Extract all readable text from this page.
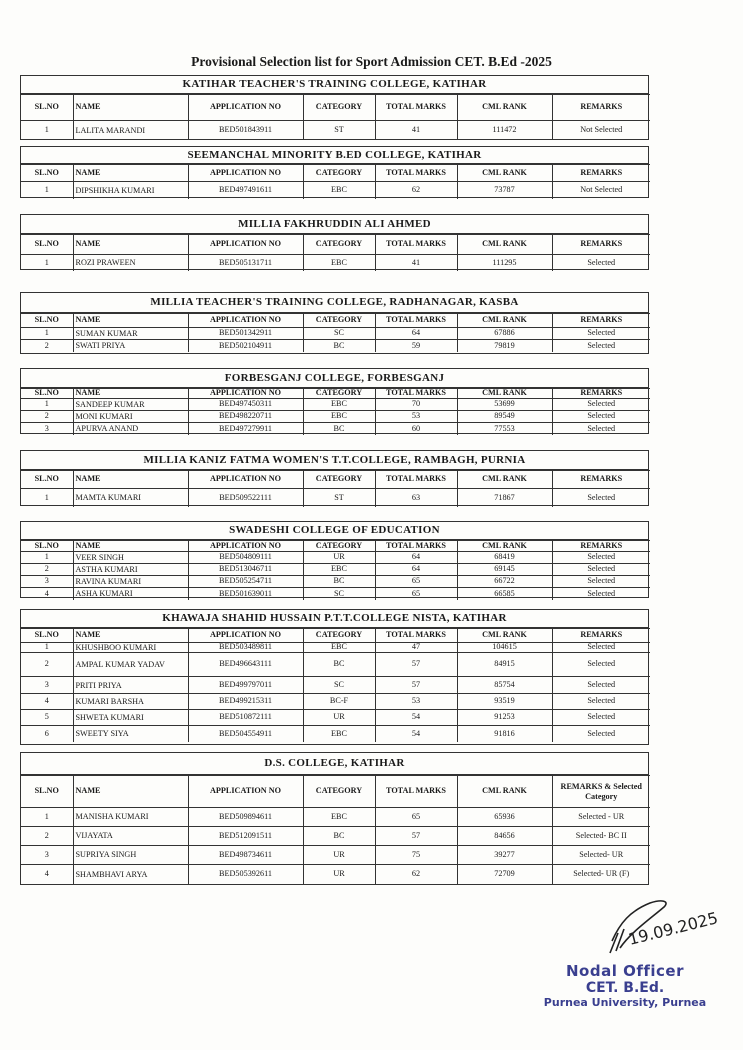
Provisional Selection list for Sport Admission CET. B.Ed -2025
KATIHAR TEACHER'S TRAINING COLLEGE, KATIHAR
SL.NO	NAME	APPLICATION NO	CATEGORY	TOTAL MARKS	CML RANK	REMARKS
1	LALITA MARANDI	BED501843911	ST	41	111472	Not Selected
SEEMANCHAL MINORITY B.ED COLLEGE, KATIHAR
SL.NO	NAME	APPLICATION NO	CATEGORY	TOTAL MARKS	CML RANK	REMARKS
1	DIPSHIKHA KUMARI	BED497491611	EBC	62	73787	Not Selected
MILLIA FAKHRUDDIN ALI AHMED
SL.NO	NAME	APPLICATION NO	CATEGORY	TOTAL MARKS	CML RANK	REMARKS
1	ROZI PRAWEEN	BED505131711	EBC	41	111295	Selected
MILLIA TEACHER'S TRAINING COLLEGE, RADHANAGAR, KASBA
SL.NO	NAME	APPLICATION NO	CATEGORY	TOTAL MARKS	CML RANK	REMARKS
1	SUMAN KUMAR	BED501342911	SC	64	67886	Selected
2	SWATI PRIYA	BED502104911	BC	59	79819	Selected
FORBESGANJ COLLEGE, FORBESGANJ
SL.NO	NAME	APPLICATION NO	CATEGORY	TOTAL MARKS	CML RANK	REMARKS
1	SANDEEP KUMAR	BED497450311	EBC	70	53699	Selected
2	MONI KUMARI	BED498220711	EBC	53	89549	Selected
3	APURVA ANAND	BED497279911	BC	60	77553	Selected
MILLIA KANIZ FATMA WOMEN'S T.T.COLLEGE, RAMBAGH, PURNIA
SL.NO	NAME	APPLICATION NO	CATEGORY	TOTAL MARKS	CML RANK	REMARKS
1	MAMTA KUMARI	BED509522111	ST	63	71867	Selected
SWADESHI COLLEGE OF EDUCATION
SL.NO	NAME	APPLICATION NO	CATEGORY	TOTAL MARKS	CML RANK	REMARKS
1	VEER SINGH	BED504809111	UR	64	68419	Selected
2	ASTHA KUMARI	BED513046711	EBC	64	69145	Selected
3	RAVINA KUMARI	BED505254711	BC	65	66722	Selected
4	ASHA KUMARI	BED501639011	SC	65	66585	Selected
KHAWAJA SHAHID HUSSAIN P.T.T.COLLEGE NISTA, KATIHAR
SL.NO	NAME	APPLICATION NO	CATEGORY	TOTAL MARKS	CML RANK	REMARKS
1	KHUSHBOO KUMARI	BED503489811	EBC	47	104615	Selected
2	AMPAL KUMAR YADAV	BED496643111	BC	57	84915	Selected
3	PRITI PRIYA	BED499797011	SC	57	85754	Selected
4	KUMARI BARSHA	BED499215311	BC-F	53	93519	Selected
5	SHWETA KUMARI	BED510872111	UR	54	91253	Selected
6	SWEETY SIYA	BED504554911	EBC	54	91816	Selected
D.S. COLLEGE, KATIHAR
SL.NO	NAME	APPLICATION NO	CATEGORY	TOTAL MARKS	CML RANK	REMARKS & Selected Category
1	MANISHA KUMARI	BED509894611	EBC	65	65936	Selected - UR
2	VIJAYATA	BED512091511	BC	57	84656	Selected- BC II
3	SUPRIYA SINGH	BED498734611	UR	75	39277	Selected- UR
4	SHAMBHAVI ARYA	BED505392611	UR	62	72709	Selected- UR (F)
19.09.2025
Nodal Officer
CET. B.Ed.
Purnea University, Purnea
